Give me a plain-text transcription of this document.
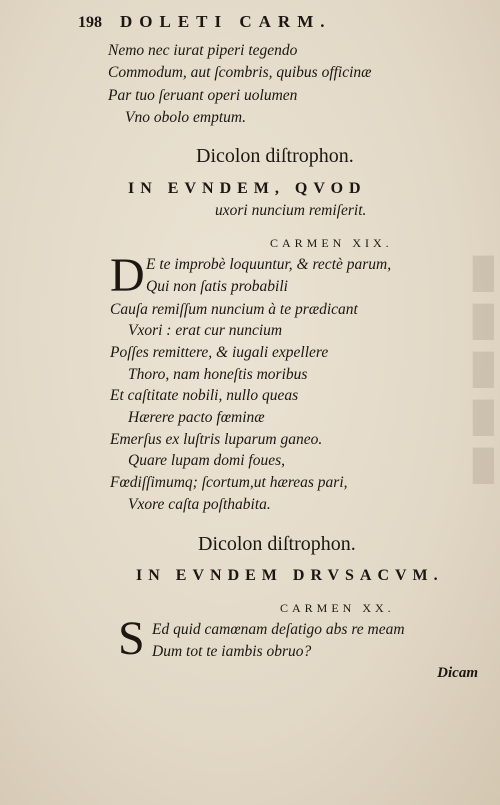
█
█
█
█
█
198 DOLETI CARM.
Nemo nec iurat piperi tegendo
Commodum, aut ſcombris, quibus officinæ
Par tuo ſeruant operi uolumen
Vno obolo emptum.
Dicolon diſtrophon.
IN EVNDEM, QVOD
uxori nuncium remiſerit.
CARMEN XIX.
D E te improbè loquuntur, & rectè parum,
Qui non ſatis probabili
Cauſa remiſſum nuncium à te prædicant
Vxori : erat cur nuncium
Poſſes remittere, & iugali expellere
Thoro, nam honeſtis moribus
Et caſtitate nobili, nullo queas
Hærere pacto fœminæ
Emerſus ex luſtris luparum ganeo.
Quare lupam domi foues,
Fœdiſſimumq; ſcortum,ut hæreas pari,
Vxore caſta poſthabita.
Dicolon diſtrophon.
IN EVNDEM DRVSACVM.
CARMEN XX.
S Ed quid camœnam deſatigo abs re meam
Dum tot te iambis obruo?
Dicam
